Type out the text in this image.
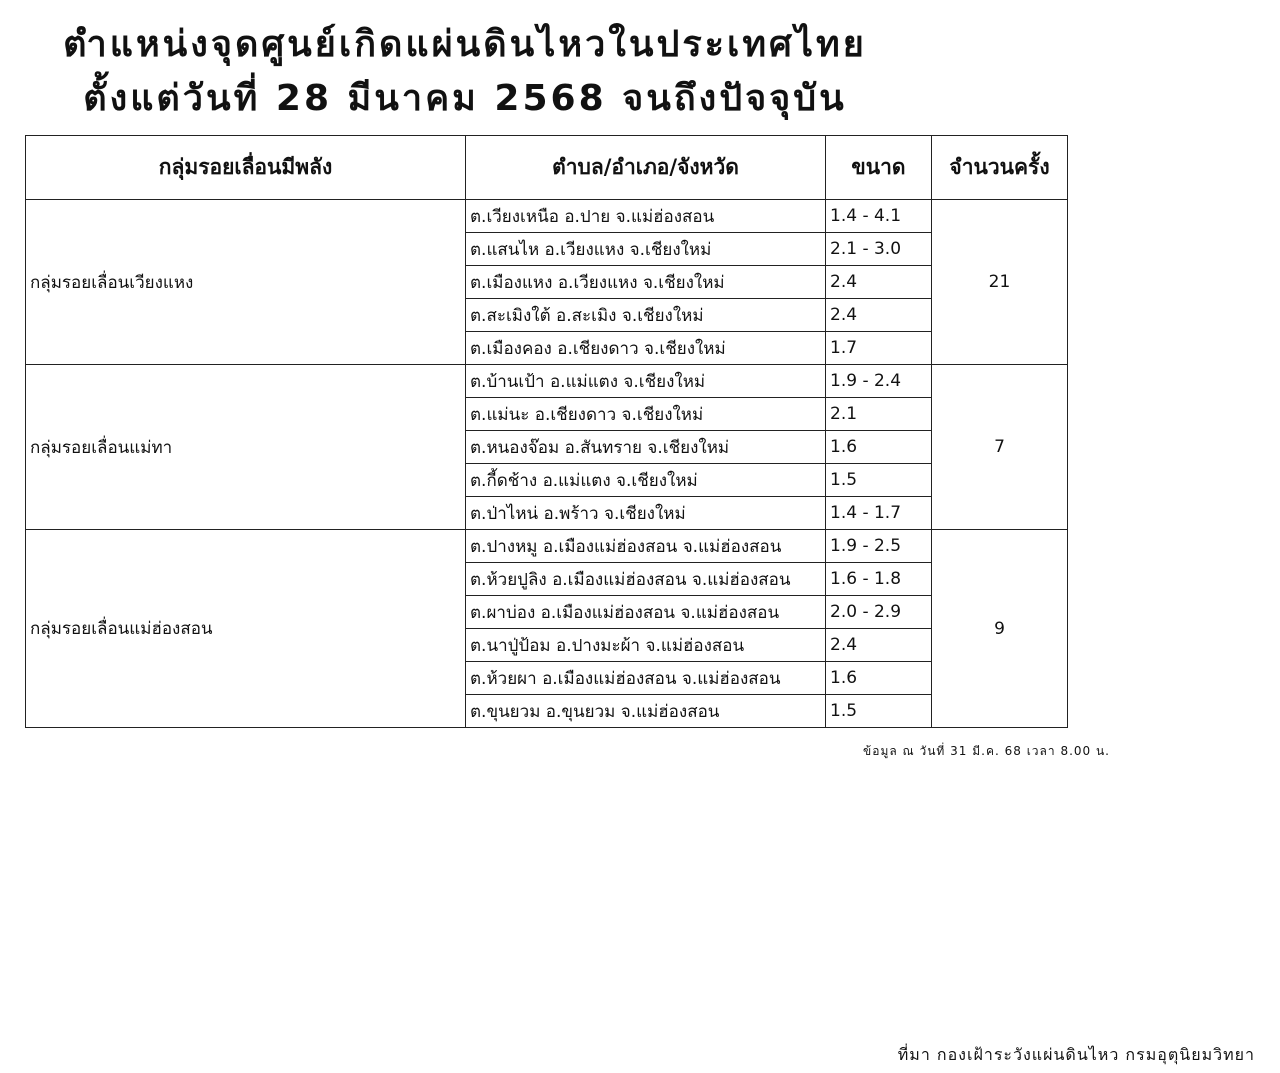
ตำแหน่งจุดศูนย์เกิดแผ่นดินไหวในประเทศไทย
ตั้งแต่วันที่ 28 มีนาคม 2568 จนถึงปัจจุบัน
กลุ่มรอยเลื่อนมีพลัง	ตำบล/อำเภอ/จังหวัด	ขนาด	จำนวนครั้ง
กลุ่มรอยเลื่อนเวียงแหง	ต.เวียงเหนือ อ.ปาย จ.แม่ฮ่องสอน	1.4 - 4.1	21
	ต.แสนไห อ.เวียงแหง จ.เชียงใหม่	2.1 - 3.0	
	ต.เมืองแหง อ.เวียงแหง จ.เชียงใหม่	2.4	
	ต.สะเมิงใต้ อ.สะเมิง จ.เชียงใหม่	2.4	
	ต.เมืองคอง อ.เชียงดาว จ.เชียงใหม่	1.7	
กลุ่มรอยเลื่อนแม่ทา	ต.บ้านเป้า อ.แม่แตง จ.เชียงใหม่	1.9 - 2.4	7
	ต.แม่นะ อ.เชียงดาว จ.เชียงใหม่	2.1	
	ต.หนองจ๊อม อ.สันทราย จ.เชียงใหม่	1.6	
	ต.กี้ดช้าง อ.แม่แตง จ.เชียงใหม่	1.5	
	ต.ป่าไหน่ อ.พร้าว จ.เชียงใหม่	1.4 - 1.7	
กลุ่มรอยเลื่อนแม่ฮ่องสอน	ต.ปางหมู อ.เมืองแม่ฮ่องสอน จ.แม่ฮ่องสอน	1.9 - 2.5	9
	ต.ห้วยปูลิง อ.เมืองแม่ฮ่องสอน จ.แม่ฮ่องสอน	1.6 - 1.8	
	ต.ผาบ่อง อ.เมืองแม่ฮ่องสอน จ.แม่ฮ่องสอน	2.0 - 2.9	
	ต.นาปู่ป้อม อ.ปางมะผ้า จ.แม่ฮ่องสอน	2.4	
	ต.ห้วยผา อ.เมืองแม่ฮ่องสอน จ.แม่ฮ่องสอน	1.6	
	ต.ขุนยวม อ.ขุนยวม จ.แม่ฮ่องสอน	1.5	
ข้อมูล ณ วันที่ 31 มี.ค. 68 เวลา 8.00 น.
ที่มา กองเฝ้าระวังแผ่นดินไหว กรมอุตุนิยมวิทยา
